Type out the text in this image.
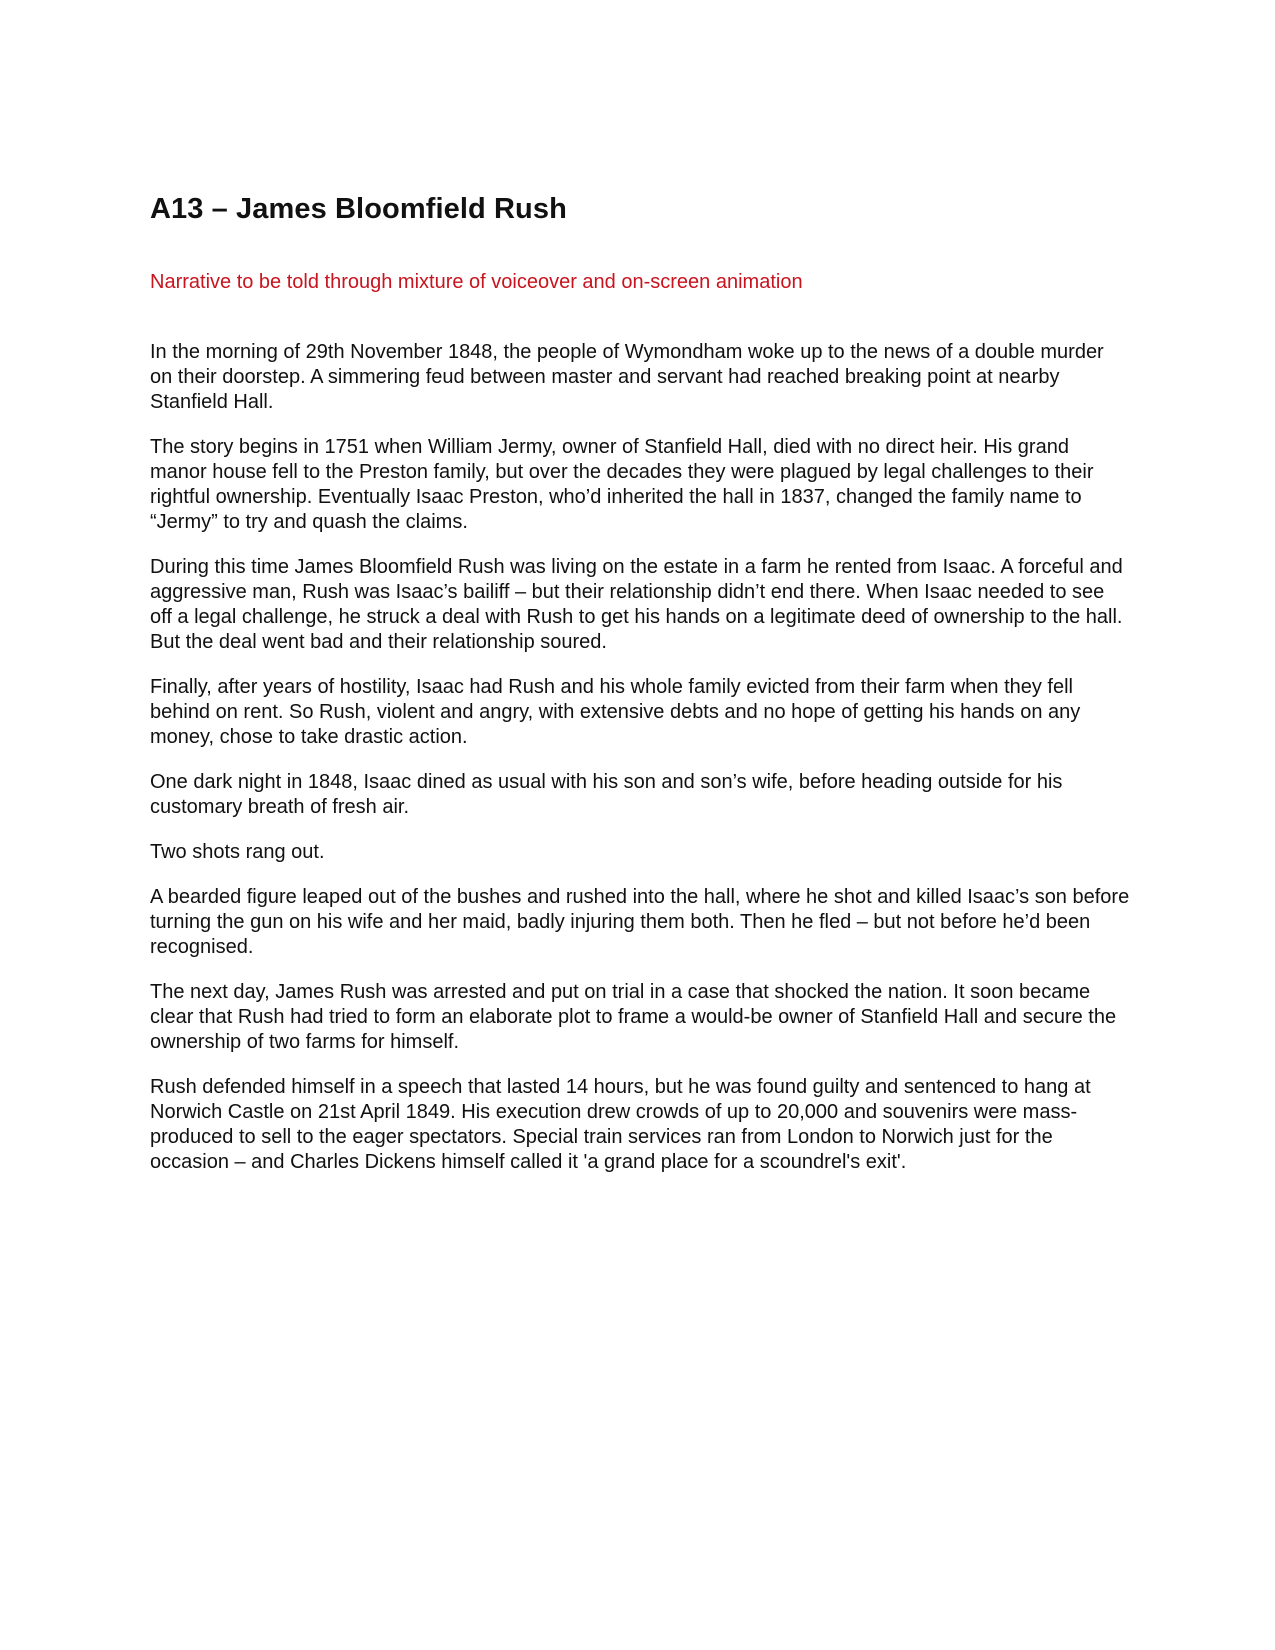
A13 – James Bloomfield Rush

Narrative to be told through mixture of voiceover and on-screen animation

In the morning of 29th November 1848, the people of Wymondham woke up to the news of a double murder on their doorstep. A simmering feud between master and servant had reached breaking point at nearby Stanfield Hall.

The story begins in 1751 when William Jermy, owner of Stanfield Hall, died with no direct heir. His grand manor house fell to the Preston family, but over the decades they were plagued by legal challenges to their rightful ownership. Eventually Isaac Preston, who’d inherited the hall in 1837, changed the family name to “Jermy” to try and quash the claims.

During this time James Bloomfield Rush was living on the estate in a farm he rented from Isaac. A forceful and aggressive man, Rush was Isaac’s bailiff – but their relationship didn’t end there. When Isaac needed to see off a legal challenge, he struck a deal with Rush to get his hands on a legitimate deed of ownership to the hall. But the deal went bad and their relationship soured.

Finally, after years of hostility, Isaac had Rush and his whole family evicted from their farm when they fell behind on rent. So Rush, violent and angry, with extensive debts and no hope of getting his hands on any money, chose to take drastic action.

One dark night in 1848, Isaac dined as usual with his son and son’s wife, before heading outside for his customary breath of fresh air.

Two shots rang out.

A bearded figure leaped out of the bushes and rushed into the hall, where he shot and killed Isaac’s son before turning the gun on his wife and her maid, badly injuring them both. Then he fled – but not before he’d been recognised.

The next day, James Rush was arrested and put on trial in a case that shocked the nation. It soon became clear that Rush had tried to form an elaborate plot to frame a would-be owner of Stanfield Hall and secure the ownership of two farms for himself.

Rush defended himself in a speech that lasted 14 hours, but he was found guilty and sentenced to hang at Norwich Castle on 21st April 1849. His execution drew crowds of up to 20,000 and souvenirs were mass-produced to sell to the eager spectators. Special train services ran from London to Norwich just for the occasion – and Charles Dickens himself called it 'a grand place for a scoundrel's exit'.
